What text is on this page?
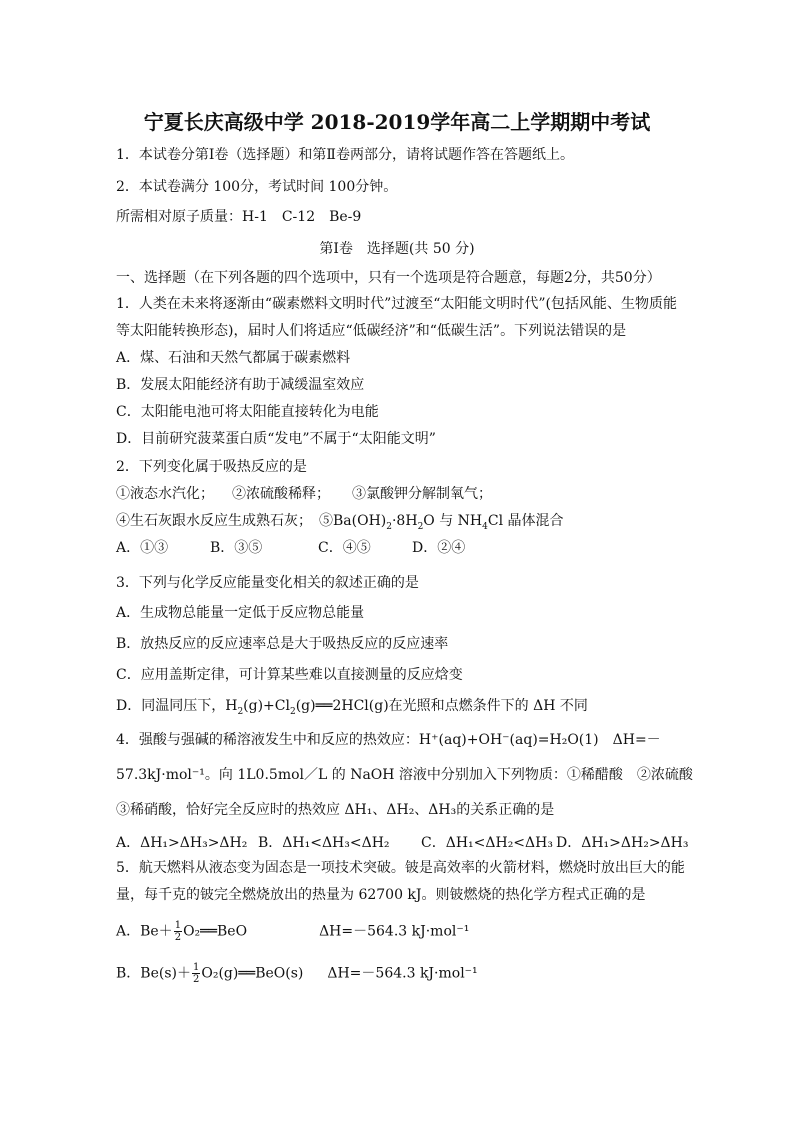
宁夏长庆高级中学 2018-2019学年高二上学期期中考试
1．本试卷分第Ⅰ卷（选择题）和第Ⅱ卷两部分，请将试题作答在答题纸上。
2．本试卷满分 100分，考试时间 100分钟。
所需相对原子质量：H-1　C-12　Be-9
第Ⅰ卷　选择题(共 50 分)
一、选择题（在下列各题的四个选项中，只有一个选项是符合题意，每题2分，共50分）
1．人类在未来将逐渐由“碳素燃料文明时代”过渡至“太阳能文明时代”(包括风能、生物质能
等太阳能转换形态)，届时人们将适应“低碳经济”和“低碳生活”。下列说法错误的是
A．煤、石油和天然气都属于碳素燃料
B．发展太阳能经济有助于减缓温室效应
C．太阳能电池可将太阳能直接转化为电能
D．目前研究菠菜蛋白质“发电”不属于“太阳能文明”
2．下列变化属于吸热反应的是
①液态水汽化； ②浓硫酸稀释； ③氯酸钾分解制氧气；
④生石灰跟水反应生成熟石灰；　$⑤Ba(OH)_2\cdot 8H_2O$ 与 $NH_4Cl$ 晶体混合
A．①③	B．③⑤	C．④⑤	D．②④
3．下列与化学反应能量变化相关的叙述正确的是
A．生成物总能量一定低于反应物总能量
B．放热反应的反应速率总是大于吸热反应的反应速率
C．应用盖斯定律，可计算某些难以直接测量的反应焓变
D．同温同压下，$H_2(g)+Cl_2(g)══2HCl(g)$在光照和点燃条件下的 ΔH 不同
4．强酸与强碱的稀溶液发生中和反应的热效应：H⁺(aq)+OH⁻(aq)=H₂O(1)　ΔH=－
57.3kJ·mol⁻¹。向 1L0.5mol／L 的 NaOH 溶液中分别加入下列物质：①稀醋酸　②浓硫酸
③稀硝酸，恰好完全反应时的热效应 ΔH₁、ΔH₂、ΔH₃的关系正确的是
A．ΔH₁>ΔH₃>ΔH₂ B．ΔH₁<ΔH₃<ΔH₂ C．ΔH₁<ΔH₂<ΔH₃ D．ΔH₁>ΔH₂>ΔH₃
5．航天燃料从液态变为固态是一项技术突破。铍是高效率的火箭材料，燃烧时放出巨大的能
量，每千克的铍完全燃烧放出的热量为 62700 kJ。则铍燃烧的热化学方程式正确的是
A．$Be+ \frac{1}{2}$ O₂══BeO	ΔH=－564.3 kJ·mol⁻¹
B．$Be(s)+ \frac{1}{2}$ O₂(g)══BeO(s) ΔH=－564.3 kJ·mol⁻¹
